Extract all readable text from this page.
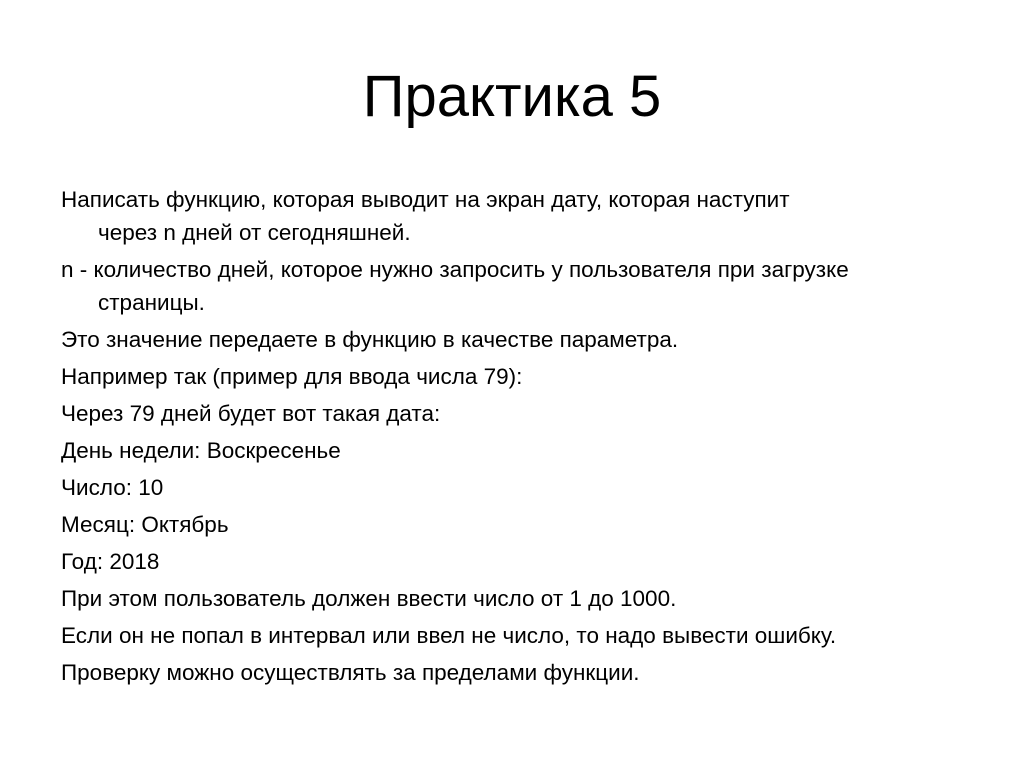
Практика 5

Написать функцию, которая выводит на экран дату, которая наступит
через n дней от сегодняшней.

n - количество дней, которое нужно запросить у пользователя при загрузке
страницы.

Это значение передаете в функцию в качестве параметра.

Например так (пример для ввода числа 79):

Через 79 дней будет вот такая дата:

День недели: Воскресенье

Число: 10

Месяц: Октябрь

Год: 2018

При этом пользователь должен ввести число от 1 до 1000.

Если он не попал в интервал или ввел не число, то надо вывести ошибку.

Проверку можно осуществлять за пределами функции.
